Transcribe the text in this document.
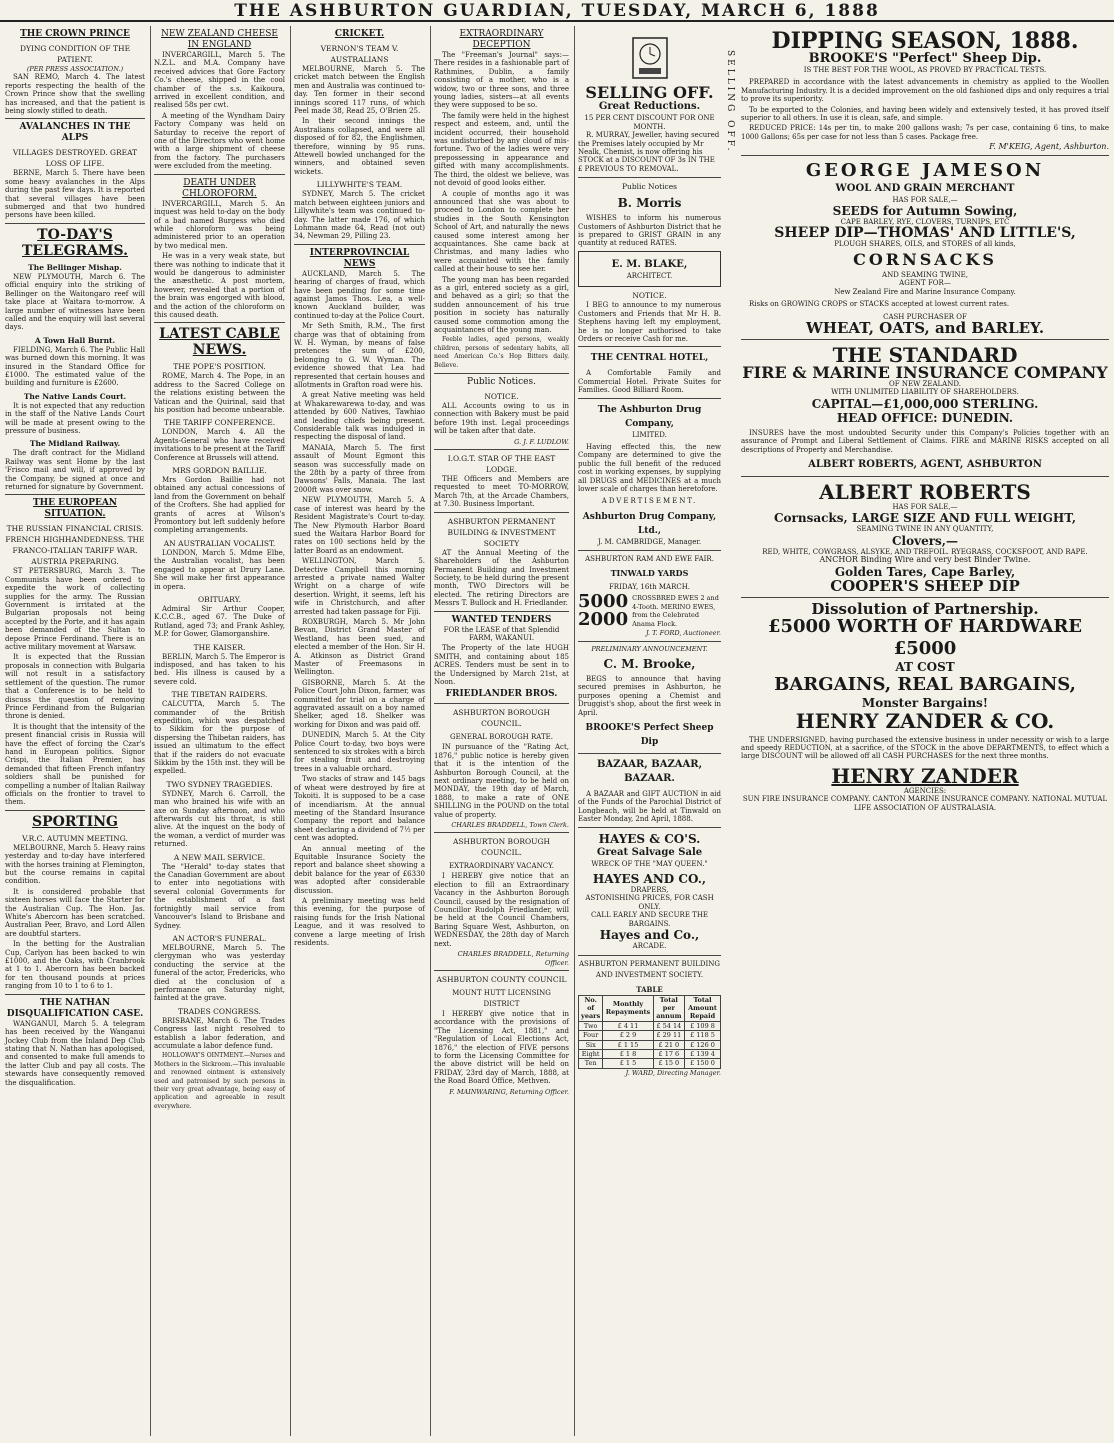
THE ASHBURTON GUARDIAN, TUESDAY, MARCH 6, 1888
THE CROWN PRINCE
DYING CONDITION OF THE PATIENT.
(PER PRESS ASSOCIATION.)
SAN REMO, March 4. The latest reports respecting the health of the Crown Prince show that the swelling has increased, and that the patient is being slowly stifled to death.
AVALANCHES IN THE ALPS
VILLAGES DESTROYED. GREAT LOSS OF LIFE.
BERNE, March 5. There have been some heavy avalanches in the Alps during the past few days. It is reported that several villages have been submerged and that two hundred persons have been killed.
TO-DAY'S TELEGRAMS.
The Bellinger Mishap.
NEW PLYMOUTH, March 6. The official enquiry into the striking of Bellinger on the Waitongaro reef will take place at Waitara to-morrow. A large number of witnesses have been called and the enquiry will last several days.
A Town Hall Burnt.
FIELDING, March 6. The Public Hall was burned down this morning. It was insured in the Standard Office for £1000. The estimated value of the building and furniture is £2600.
The Native Lands Court.
It is not expected that any reduction in the staff of the Native Lands Court will be made at present owing to the pressure of business.
The Midland Railway.
The draft contract for the Midland Railway was sent Home by the last 'Frisco mail and will, if approved by the Company, be signed at once and returned for signature by Government.
THE EUROPEAN SITUATION.
THE RUSSIAN FINANCIAL CRISIS. FRENCH HIGHHANDEDNESS. THE FRANCO-ITALIAN TARIFF WAR. AUSTRIA PREPARING.
ST PETERSBURG, March 3. The Communists have been ordered to expedite the work of collecting supplies for the army. The Russian Government is irritated at the Bulgarian proposals not being accepted by the Porte, and it has again been demanded of the Sultan to depose Prince Ferdinand. There is an active military movement at Warsaw.
It is expected that the Russian proposals in connection with Bulgaria will not result in a satisfactory settlement of the question. The rumor that a Conference is to be held to discuss the question of removing Prince Ferdinand from the Bulgarian throne is denied.
It is thought that the intensity of the present financial crisis in Russia will have the effect of forcing the Czar's hand in European politics. Signor Crispi, the Italian Premier, has demanded that fifteen French infantry soldiers shall be punished for compelling a number of Italian Railway officials on the frontier to travel to them.
SPORTING
V.R.C. AUTUMN MEETING.
MELBOURNE, March 5. Heavy rains yesterday and to-day have interfered with the horses training at Flemington, but the course remains in capital condition.
It is considered probable that sixteen horses will face the Starter for the Australian Cup. The Hon. Jas. White's Abercorn has been scratched. Australian Peer, Bravo, and Lord Allen are doubtful starters.
In the betting for the Australian Cup, Carlyon has been backed to win £1000, and the Oaks, with Cranbrook at 1 to 1. Abercorn has been backed for ten thousand pounds at prices ranging from 10 to 1 to 6 to 1.
THE NATHAN DISQUALIFICATION CASE.
WANGANUI, March 5. A telegram has been received by the Wanganui Jockey Club from the Inland Dep Club stating that N. Nathan has apologised, and consented to make full amends to the latter Club and pay all costs. The stewards have consequently removed the disqualification.
NEW ZEALAND CHEESE IN ENGLAND
INVERCARGILL, March 5. The N.Z.L. and M.A. Company have received advices that Gore Factory Co.'s cheese, shipped in the cool chamber of the s.s. Kaikoura, arrived in excellent condition, and realised 58s per cwt.
A meeting of the Wyndham Dairy Factory Company was held on Saturday to receive the report of one of the Directors who went home with a large shipment of cheese from the factory. The purchasers were excluded from the meeting.
DEATH UNDER CHLOROFORM.
INVERCARGILL, March 5. An inquest was held to-day on the body of a bad named Burgess who died while chloroform was being administered prior to an operation by two medical men.
He was in a very weak state, but there was nothing to indicate that it would be dangerous to administer the anæsthetic. A post mortem, however, revealed that a portion of the brain was engorged with blood, and the action of the chloroform on this caused death.
LATEST CABLE NEWS.
THE POPE'S POSITION.
ROME, March 4. The Pope, in an address to the Sacred College on the relations existing between the Vatican and the Quirinal, said that his position had become unbearable.
THE TARIFF CONFERENCE.
LONDON, March 4. All the Agents-General who have received invitations to be present at the Tariff Conference at Brussels will attend.
MRS GORDON BAILLIE.
Mrs Gordon Baillie had not obtained any actual concessions of land from the Government on behalf of the Crofters. She had applied for grants of acres at Wilson's Promontory but left suddenly before completing arrangements.
AN AUSTRALIAN VOCALIST.
LONDON, March 5. Mdme Elbe, the Australian vocalist, has been engaged to appear at Drury Lane. She will make her first appearance in opera.
OBITUARY.
Admiral Sir Arthur Cooper, K.C.C.B., aged 67. The Duke of Rutland, aged 73; and Frank Ashley, M.P. for Gower, Glamorganshire.
THE KAISER.
BERLIN, March 5. The Emperor is indisposed, and has taken to his bed. His illness is caused by a severe cold.
THE TIBETAN RAIDERS.
CALCUTTA, March 5. The commander of the British expedition, which was despatched to Sikkim for the purpose of dispersing the Thibetan raiders, has issued an ultimatum to the effect that if the raiders do not evacuate Sikkim by the 15th inst. they will be expelled.
TWO SYDNEY TRAGEDIES.
SYDNEY, March 6. Carroll, the man who brained his wife with an axe on Sunday afternoon, and who afterwards cut his throat, is still alive. At the inquest on the body of the woman, a verdict of murder was returned.
A NEW MAIL SERVICE.
The "Herald" to-day states that the Canadian Government are about to enter into negotiations with several colonial Governments for the establishment of a fast fortnightly mail service from Vancouver's Island to Brisbane and Sydney.
AN ACTOR'S FUNERAL.
MELBOURNE, March 5. The clergyman who was yesterday conducting the service at the funeral of the actor, Fredericks, who died at the conclusion of a performance on Saturday night, fainted at the grave.
TRADES CONGRESS.
BRISBANE, March 6. The Trades Congress last night resolved to establish a labor federation, and accumulate a labor defence fund.
HOLLOWAY'S OINTMENT.—Nurses and Mothers in the Sickroom.—This invaluable and renowned ointment is extensively used and patronised by such persons in their very great advantage, being easy of application and agreeable in result everywhere.
CRICKET.
VERNON'S TEAM V. AUSTRALIANS
MELBOURNE, March 5. The cricket match between the English men and Australia was continued to-day. Ten former in their second innings scored 117 runs, of which Peel made 38, Read 25, O'Brien 25.
In their second innings the Australians collapsed, and were all disposed of for 82, the Englishmen, therefore, winning by 95 runs. Attewell bowled unchanged for the winners, and obtained seven wickets.
LILLYWHITE'S TEAM.
SYDNEY, March 5. The cricket match between eighteen juniors and Lillywhite's team was continued to-day. The latter made 176, of which Lohmann made 64, Read (not out) 34, Newman 29, Pilling 23.
INTERPROVINCIAL NEWS
AUCKLAND, March 5. The hearing of charges of fraud, which have been pending for some time against Jamos Thos. Lea, a well-known Auckland builder, was continued to-day at the Police Court.
Mr Seth Smith, R.M., The first charge was that of obtaining from W. H. Wyman, by means of false pretences the sum of £200, belonging to G. W. Wyman. The evidence showed that Lea had represented that certain houses and allotments in Grafton road were his.
A great Native meeting was held at Whakarewarewa to-day, and was attended by 600 Natives, Tawhiao and leading chiefs being present. Considerable talk was indulged in respecting the disposal of land.
MANAIA, March 5. The first assault of Mount Egmont this season was successfully made on the 28th by a party of three from Dawsons' Falls, Manaia. The last 2000ft was over snow.
NEW PLYMOUTH, March 5. A case of interest was heard by the Resident Magistrate's Court to-day. The New Plymouth Harbor Board sued the Waitara Harbor Board for rates on 100 sections held by the latter Board as an endowment.
WELLINGTON, March 5. Detective Campbell this morning arrested a private named Walter Wright on a charge of wife desertion. Wright, it seems, left his wife in Christchurch, and after arrested had taken passage for Fiji.
ROXBURGH, March 5. Mr John Bevan, District Grand Master of Westland, has been sued, and elected a member of the Hon. Sir H. A. Atkinson as District Grand Master of Freemasons in Wellington.
GISBORNE, March 5. At the Police Court John Dixon, farmer, was committed for trial on a charge of aggravated assault on a boy named Shelker, aged 18. Shelker was working for Dixon and was paid off.
DUNEDIN, March 5. At the City Police Court to-day, two boys were sentenced to six strokes with a birch for stealing fruit and destroying trees in a valuable orchard.
Two stacks of straw and 145 bags of wheat were destroyed by fire at Tokoiti. It is supposed to be a case of incendiarism. At the annual meeting of the Standard Insurance Company the report and balance sheet declaring a dividend of 7½ per cent was adopted.
An annual meeting of the Equitable Insurance Society the report and balance sheet showing a debit balance for the year of £6330 was adopted after considerable discussion.
A preliminary meeting was held this evening, for the purpose of raising funds for the Irish National League, and it was resolved to convene a large meeting of Irish residents.
EXTRAORDINARY DECEPTION
The "Freeman's Journal" says:—There resides in a fashionable part of Rathmines, Dublin, a family consisting of a mother, who is a widow, two or three sons, and three young ladies, sisters—at all events they were supposed to be so.
The family were held in the highest respect and esteem, and, until the incident occurred, their household was undisturbed by any cloud of mis-fortune. Two of the ladies were very prepossessing in appearance and gifted with many accomplishments. The third, the oldest we believe, was not devoid of good looks either.
A couple of months ago it was announced that she was about to proceed to London to complete her studies in the South Kensington School of Art, and naturally the news caused some interest among her acquaintances. She came back at Christmas, and many ladies who were acquainted with the family called at their house to see her.
The young man has been regarded as a girl, entered society as a girl, and behaved as a girl; so that the sudden announcement of his true position in society has naturally caused some commotion among the acquaintances of the young man.
Feeble ladies, aged persons, weakly children, persons of sedentary habits, all need American Co.'s Hop Bitters daily. Believe.
Public Notices.
NOTICE.
ALL Accounts owing to us in connection with Bakery must be paid before 19th inst. Legal proceedings will be taken after that date.
G. J. F. LUDLOW.
I.O.G.T. STAR OF THE EAST LODGE.
THE Officers and Members are requested to meet TO-MORROW, March 7th, at the Arcade Chambers, at 7.30. Business Important.
ASHBURTON PERMANENT BUILDING & INVESTMENT SOCIETY
AT the Annual Meeting of the Shareholders of the Ashburton Permanent Building and Investment Society, to be held during the present month, TWO Directors will be elected. The retiring Directors are Messrs T. Bullock and H. Friedlander.
WANTED TENDERS
FOR the LEASE of that Splendid FARM, WAKANUI.
The Property of the late HUGH SMITH, and containing about 185 ACRES. Tenders must be sent in to the Undersigned by March 21st, at Noon.
FRIEDLANDER BROS.
ASHBURTON BOROUGH COUNCIL.
GENERAL BOROUGH RATE.
IN pursuance of the "Rating Act, 1876," public notice is hereby given that it is the intention of the Ashburton Borough Council, at the next ordinary meeting, to be held on MONDAY, the 19th day of March, 1888, to make a rate of ONE SHILLING in the POUND on the total value of property.
CHARLES BRADDELL, Town Clerk.
ASHBURTON BOROUGH COUNCIL.
EXTRAORDINARY VACANCY.
I HEREBY give notice that an election to fill an Extraordinary Vacancy in the Ashburton Borough Council, caused by the resignation of Councillor Rudolph Friedlander, will be held at the Council Chambers, Baring Square West, Ashburton, on WEDNESDAY, the 28th day of March next.
CHARLES BRADDELL, Returning Officer.
ASHBURTON COUNTY COUNCIL
MOUNT HUTT LICENSING DISTRICT
I HEREBY give notice that in accordance with the provisions of "The Licensing Act, 1881," and "Regulation of Local Elections Act, 1876," the election of FIVE persons to form the Licensing Committee for the above district will be held on FRIDAY, 23rd day of March, 1888, at the Road Board Office, Methven.
F. MAINWARING, Returning Officer.
SELLING OFF.
Great Reductions.
15 PER CENT DISCOUNT FOR ONE MONTH.
R. MURRAY, Jeweller, having secured the Premises lately occupied by Mr Nealk, Chemist, is now offering his STOCK at a DISCOUNT OF 3s IN THE £ PREVIOUS TO REMOVAL.
Public Notices
B. Morris
WISHES to inform his numerous Customers of Ashburton District that he is prepared to GRIST GRAIN in any quantity at reduced RATES.
E. M. BLAKE,
ARCHITECT.
NOTICE.
I BEG to announce to my numerous Customers and Friends that Mr H. B. Stephens having left my employment, he is no longer authorised to take Orders or receive Cash for me.
THE CENTRAL HOTEL,
A Comfortable Family and Commercial Hotel. Private Suites for Families. Good Billiard Room.
The Ashburton Drug Company,
LIMITED.
Having effected this, the new Company are determined to give the public the full benefit of the reduced cost in working expenses, by supplying all DRUGS and MEDICINES at a much lower scale of charges than heretofore.
ADVERTISEMENT.
Ashburton Drug Company, Ltd.,
J. M. CAMBRIDGE, Manager.
ASHBURTON RAM AND EWE FAIR.
TINWALD YARDS
FRIDAY, 16th MARCH.
5000
2000
CROSSBRED EWES 2 and 4-Tooth. MERINO EWES, from the Celebrated Anama Flock.
J. T. FORD, Auctioneer.
PRELIMINARY ANNOUNCEMENT.
C. M. Brooke,
BEGS to announce that having secured premises in Ashburton, he purposes opening a Chemist and Druggist's shop, about the first week in April.
BROOKE'S Perfect Sheep Dip
BAZAAR, BAZAAR, BAZAAR.
A BAZAAR and GIFT AUCTION in aid of the Funds of the Parochial District of Longbeach, will be held at Tinwald on Easter Monday, 2nd April, 1888.
HAYES & CO'S.
Great Salvage Sale
WRECK OF THE "MAY QUEEN."
HAYES AND CO.,
DRAPERS,
ASTONISHING PRICES, FOR CASH ONLY.
CALL EARLY AND SECURE THE BARGAINS.
Hayes and Co.,
ARCADE.
ASHBURTON PERMANENT BUILDING AND INVESTMENT SOCIETY.
TABLE
No. of years	Monthly Repayments	Total per annum	Total Amount Repaid
Two	£ 4 11	£ 54 14	£ 109 8
Four	£ 2 9	£ 29 11	£ 118 5
Six	£ 1 15	£ 21 0	£ 126 0
Eight	£ 1 8	£ 17 6	£ 139 4
Ten	£ 1 5	£ 15 0	£ 150 0
J. WARD, Directing Manager.
SELLING OFF.
DIPPING SEASON, 1888.
BROOKE'S "Perfect" Sheep Dip.
IS THE BEST FOR THE WOOL, AS PROVED BY PRACTICAL TESTS.
PREPARED in accordance with the latest advancements in chemistry as applied to the Woollen Manufacturing Industry. It is a decided improvement on the old fashioned dips and only requires a trial to prove its superiority.
To be exported to the Colonies, and having been widely and extensively tested, it has proved itself superior to all others. In use it is clean, safe, and simple.
REDUCED PRICE: 14s per tin, to make 200 gallons wash; 7s per case, containing 6 tins, to make 1000 Gallons; 65s per case for not less than 5 cases. Package free.
F. M'KEIG, Agent, Ashburton.
GEORGE JAMESON
WOOL AND GRAIN MERCHANT
HAS FOR SALE,—
SEEDS for Autumn Sowing,
CAPE BARLEY, RYE, CLOVERS, TURNIPS, ETC
SHEEP DIP—THOMAS' AND LITTLE'S,
PLOUGH SHARES, OILS, and STORES of all kinds,
CORNSACKS
AND SEAMING TWINE,
AGENT FOR—
New Zealand Fire and Marine Insurance Company.
Risks on GROWING CROPS or STACKS accepted at lowest current rates.
CASH PURCHASER OF
WHEAT, OATS, and BARLEY.
THE STANDARD
FIRE & MARINE INSURANCE COMPANY
OF NEW ZEALAND.
WITH UNLIMITED LIABILITY OF SHAREHOLDERS.
CAPITAL—£1,000,000 STERLING.
HEAD OFFICE: DUNEDIN.
INSURES have the most undoubted Security under this Company's Policies together with an assurance of Prompt and Liberal Settlement of Claims. FIRE and MARINE RISKS accepted on all descriptions of Property and Merchandise.
ALBERT ROBERTS, AGENT, ASHBURTON
ALBERT ROBERTS
HAS FOR SALE,—
Cornsacks, LARGE SIZE AND FULL WEIGHT,
SEAMING TWINE IN ANY QUANTITY,
Clovers,—
RED, WHITE, COWGRASS, ALSYKE, AND TREFOIL. RYEGRASS, COCKSFOOT, AND RAPE.
ANCHOR Binding Wire and very best Binder Twine.
Golden Tares, Cape Barley,
COOPER'S SHEEP DIP
Dissolution of Partnership.
£5000 WORTH OF HARDWARE £5000
AT COST
BARGAINS, REAL BARGAINS,
Monster Bargains!
HENRY ZANDER & CO.
THE UNDERSIGNED, having purchased the extensive business in under necessity or wish to a large and speedy REDUCTION, at a sacrifice, of the STOCK in the above DEPARTMENTS, to effect which a large DISCOUNT will be allowed off all CASH PURCHASES for the next three months.
HENRY ZANDER
AGENCIES:
SUN FIRE INSURANCE COMPANY. CANTON MARINE INSURANCE COMPANY. NATIONAL MUTUAL LIFE ASSOCIATION OF AUSTRALASIA.
